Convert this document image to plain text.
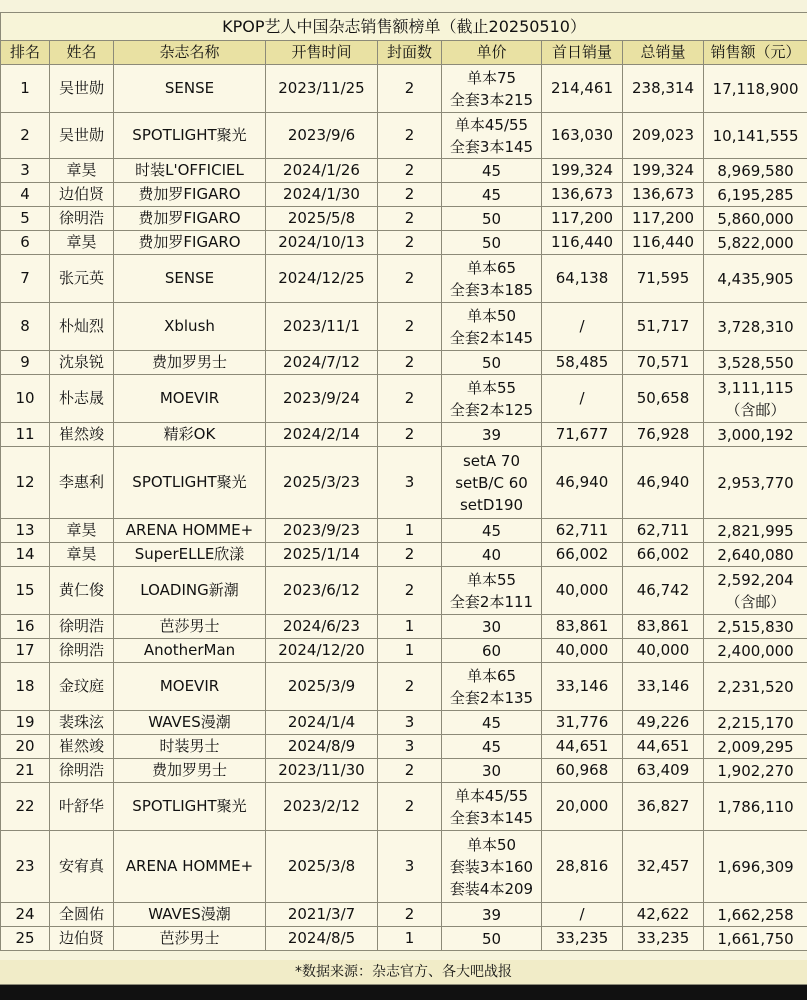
KPOP艺人中国杂志销售额榜单（截止20250510）								
排名	姓名	杂志名称	开售时间	封面数	单价	首日销量	总销量	销售额（元）
1	吴世勋	SENSE	2023/11/25	2	单本75
全套3本215	214,461	238,314	17,118,900

2	吴世勋	SPOTLIGHT聚光	2023/9/6	2	单本45/55
全套3本145	163,030	209,023	10,141,555

3	章昊	时装L'OFFICIEL	2024/1/26	2	45	199,324	199,324	8,969,580

4	边伯贤	费加罗FIGARO	2024/1/30	2	45	136,673	136,673	6,195,285

5	徐明浩	费加罗FIGARO	2025/5/8	2	50	117,200	117,200	5,860,000

6	章昊	费加罗FIGARO	2024/10/13	2	50	116,440	116,440	5,822,000

7	张元英	SENSE	2024/12/25	2	单本65
全套3本185	64,138	71,595	4,435,905

8	朴灿烈	Xblush	2023/11/1	2	单本50
全套2本145	/	51,717	3,728,310

9	沈泉锐	费加罗男士	2024/7/12	2	50	58,485	70,571	3,528,550

10	朴志晟	MOEVIR	2023/9/24	2	单本55
全套2本125	/	50,658	3,111,115
（含邮）

11	崔然竣	精彩OK	2024/2/14	2	39	71,677	76,928	3,000,192

12	李惠利	SPOTLIGHT聚光	2025/3/23	3	setA 70
setB/C 60
setD190	46,940	46,940	2,953,770

13	章昊	ARENA HOMME+	2023/9/23	1	45	62,711	62,711	2,821,995

14	章昊	SuperELLE欣漾	2025/1/14	2	40	66,002	66,002	2,640,080

15	黄仁俊	LOADING新潮	2023/6/12	2	单本55
全套2本111	40,000	46,742	2,592,204
（含邮）

16	徐明浩	芭莎男士	2024/6/23	1	30	83,861	83,861	2,515,830

17	徐明浩	AnotherMan	2024/12/20	1	60	40,000	40,000	2,400,000

18	金玟庭	MOEVIR	2025/3/9	2	单本65
全套2本135	33,146	33,146	2,231,520

19	裴珠泫	WAVES漫潮	2024/1/4	3	45	31,776	49,226	2,215,170

20	崔然竣	时装男士	2024/8/9	3	45	44,651	44,651	2,009,295

21	徐明浩	费加罗男士	2023/11/30	2	30	60,968	63,409	1,902,270

22	叶舒华	SPOTLIGHT聚光	2023/2/12	2	单本45/55
全套3本145	20,000	36,827	1,786,110

23	安宥真	ARENA HOMME+	2025/3/8	3	单本50
套装3本160
套装4本209	28,816	32,457	1,696,309

24	全圆佑	WAVES漫潮	2021/3/7	2	39	/	42,622	1,662,258

25	边伯贤	芭莎男士	2024/8/5	1	50	33,235	33,235	1,661,750
*数据来源：杂志官方、各大吧战报
